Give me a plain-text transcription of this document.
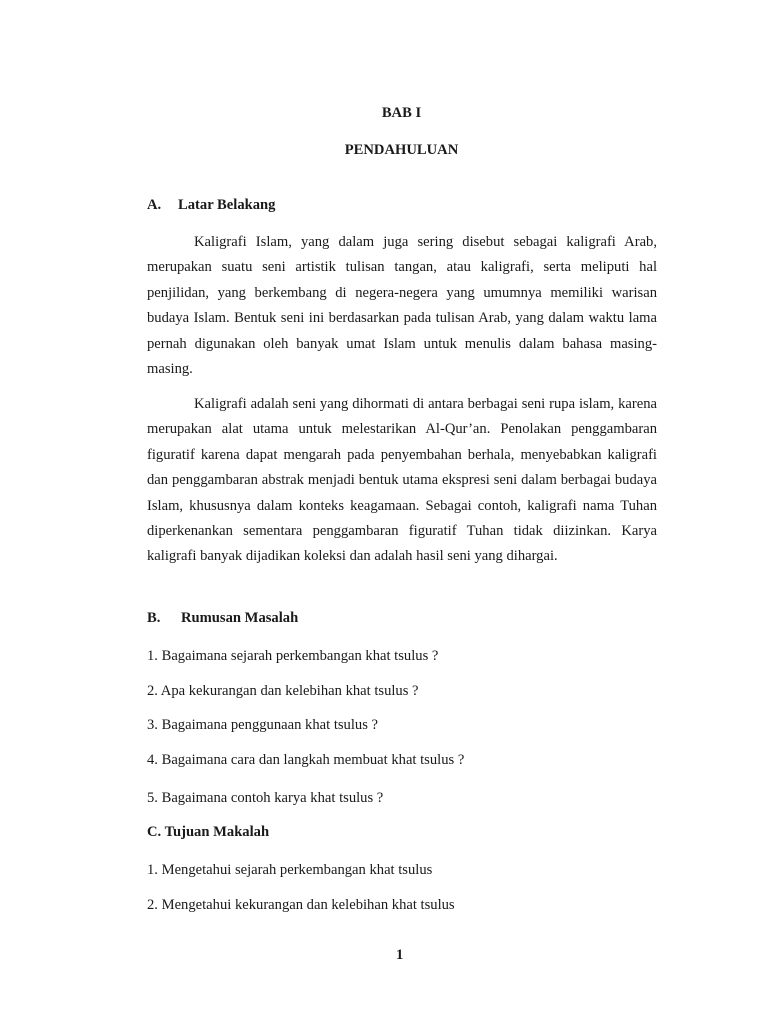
BAB I
PENDAHULUAN
A. Latar Belakang
Kaligrafi Islam, yang dalam juga sering disebut sebagai kaligrafi Arab, merupakan suatu seni artistik tulisan tangan, atau kaligrafi, serta meliputi hal penjilidan, yang berkembang di negera-negera yang umumnya memiliki warisan budaya Islam. Bentuk seni ini berdasarkan pada tulisan Arab, yang dalam waktu lama pernah digunakan oleh banyak umat Islam untuk menulis dalam bahasa masing-masing.
Kaligrafi adalah seni yang dihormati di antara berbagai seni rupa islam, karena merupakan alat utama untuk melestarikan Al-Qur’an. Penolakan penggambaran figuratif karena dapat mengarah pada penyembahan berhala, menyebabkan kaligrafi dan penggambaran abstrak menjadi bentuk utama ekspresi seni dalam berbagai budaya Islam, khususnya dalam konteks keagamaan. Sebagai contoh, kaligrafi nama Tuhan diperkenankan sementara penggambaran figuratif Tuhan tidak diizinkan. Karya kaligrafi banyak dijadikan koleksi dan adalah hasil seni yang dihargai.
B. Rumusan Masalah
1. Bagaimana sejarah perkembangan khat tsulus ?
2. Apa kekurangan dan kelebihan khat tsulus ?
3. Bagaimana penggunaan khat tsulus ?
4. Bagaimana cara dan langkah membuat khat tsulus ?
5. Bagaimana contoh karya khat tsulus ?
C. Tujuan Makalah
1. Mengetahui sejarah perkembangan khat tsulus
2. Mengetahui kekurangan dan kelebihan khat tsulus
1
